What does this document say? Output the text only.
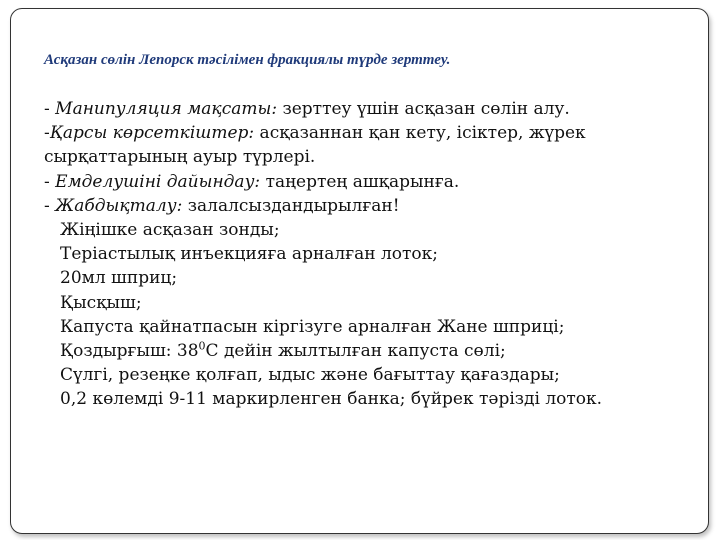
Асқазан сөлін Лепорск тәсілімен фракциялы түрде зерттеу.
- Манипуляция мақсаты: зерттеу үшін асқазан сөлін алу.
-Қарсы көрсеткіштер: асқазаннан қан кету, ісіктер, жүрек
сырқаттарының ауыр түрлері.
- Емделушіні дайындау: таңертең ашқарынға.
- Жабдықталу: залалсыздандырылған!
Жіңішке асқазан зонды;
Теріастылық инъекцияға арналған лоток;
20мл шприц;
Қысқыш;
Капуста қайнатпасын кіргізуге арналған Жане шприці;
Қоздырғыш: $38^0С$ дейін жылтылған капуста сөлі;
Сүлгі, резеңке қолғап, ыдыс және бағыттау қағаздары;
0,2 көлемді 9-11 маркирленген банка; бүйрек тәрізді лоток.
